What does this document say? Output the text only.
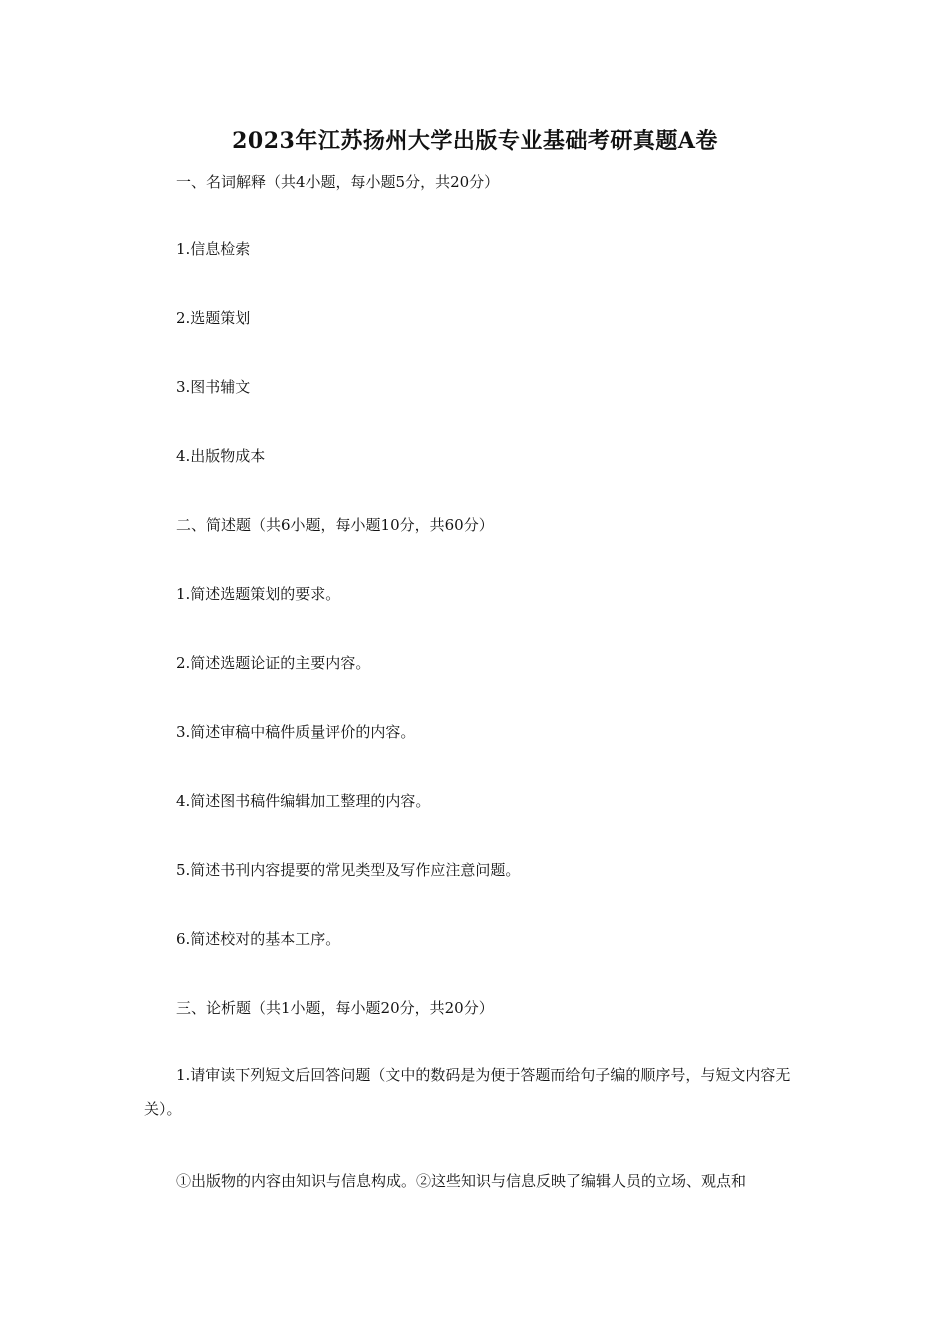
2023年江苏扬州大学出版专业基础考研真题A卷
一、名词解释（共4小题，每小题5分，共20分）
1.信息检索
2.选题策划
3.图书辅文
4.出版物成本
二、简述题（共6小题，每小题10分，共60分）
1.简述选题策划的要求。
2.简述选题论证的主要内容。
3.简述审稿中稿件质量评价的内容。
4.简述图书稿件编辑加工整理的内容。
5.简述书刊内容提要的常见类型及写作应注意问题。
6.简述校对的基本工序。
三、论析题（共1小题，每小题20分，共20分）
1.请审读下列短文后回答问题（文中的数码是为便于答题而给句子编的顺序号，与短文内容无关）。
①出版物的内容由知识与信息构成。②这些知识与信息反映了编辑人员的立场、观点和
